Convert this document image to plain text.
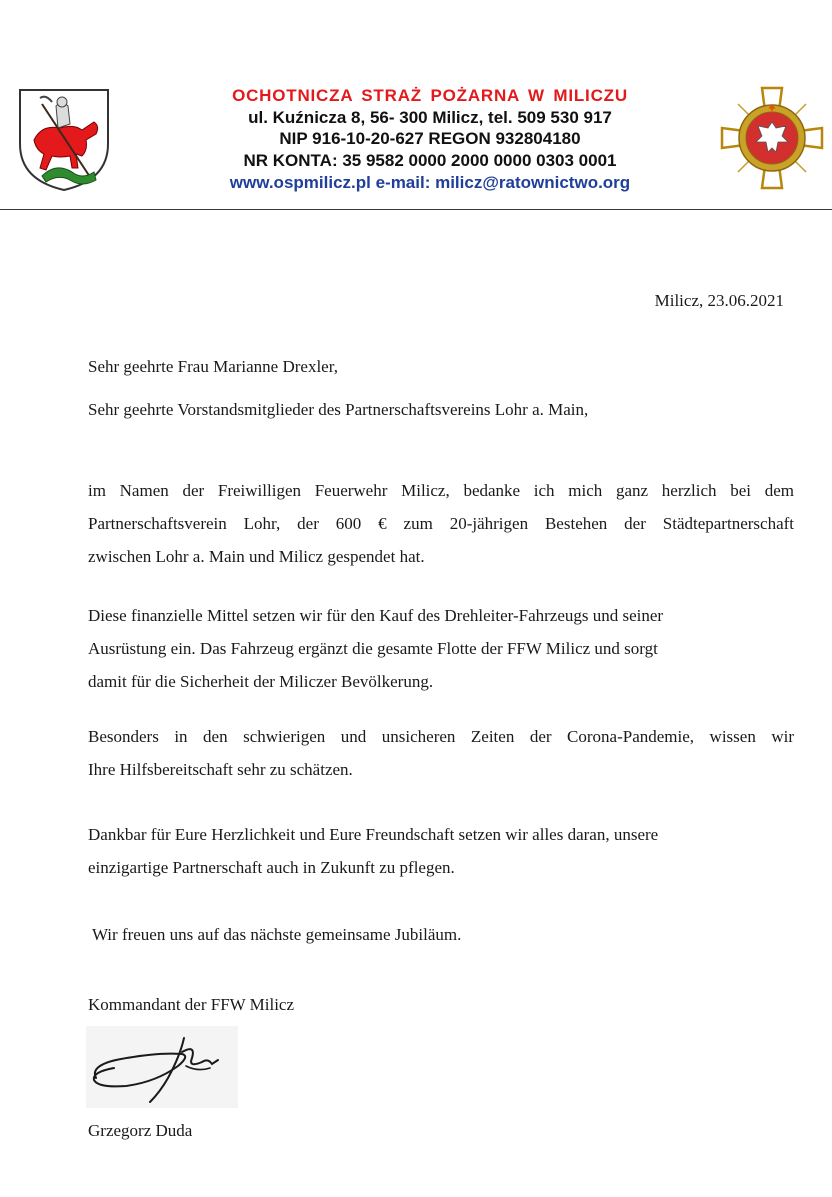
OCHOTNICZA STRAŻ POŻARNA W MILICZU
ul. Kuźnicza 8, 56- 300 Milicz, tel. 509 530 917
NIP 916-10-20-627 REGON 932804180
NR KONTA: 35 9582 0000 2000 0000 0303 0001
www.ospmilicz.pl e-mail: milicz@ratownictwo.org
Milicz, 23.06.2021
Sehr geehrte Frau Marianne Drexler,
Sehr geehrte Vorstandsmitglieder des Partnerschaftsvereins Lohr a. Main,
im Namen der Freiwilligen Feuerwehr Milicz, bedanke ich mich ganz herzlich bei dem
Partnerschaftsverein Lohr, der 600 € zum 20-jährigen Bestehen der Städtepartnerschaft
zwischen Lohr a. Main und Milicz gespendet hat.
Diese finanzielle Mittel setzen wir für den Kauf des Drehleiter-Fahrzeugs und seiner
Ausrüstung ein. Das Fahrzeug ergänzt die gesamte Flotte der FFW Milicz und sorgt
damit für die Sicherheit der Miliczer Bevölkerung.
Besonders in den schwierigen und unsicheren Zeiten der Corona-Pandemie, wissen wir
Ihre Hilfsbereitschaft sehr zu schätzen.
Dankbar für Eure Herzlichkeit und Eure Freundschaft setzen wir alles daran, unsere
einzigartige Partnerschaft auch in Zukunft zu pflegen.
Wir freuen uns auf das nächste gemeinsame Jubiläum.
Kommandant der FFW Milicz
Grzegorz Duda
